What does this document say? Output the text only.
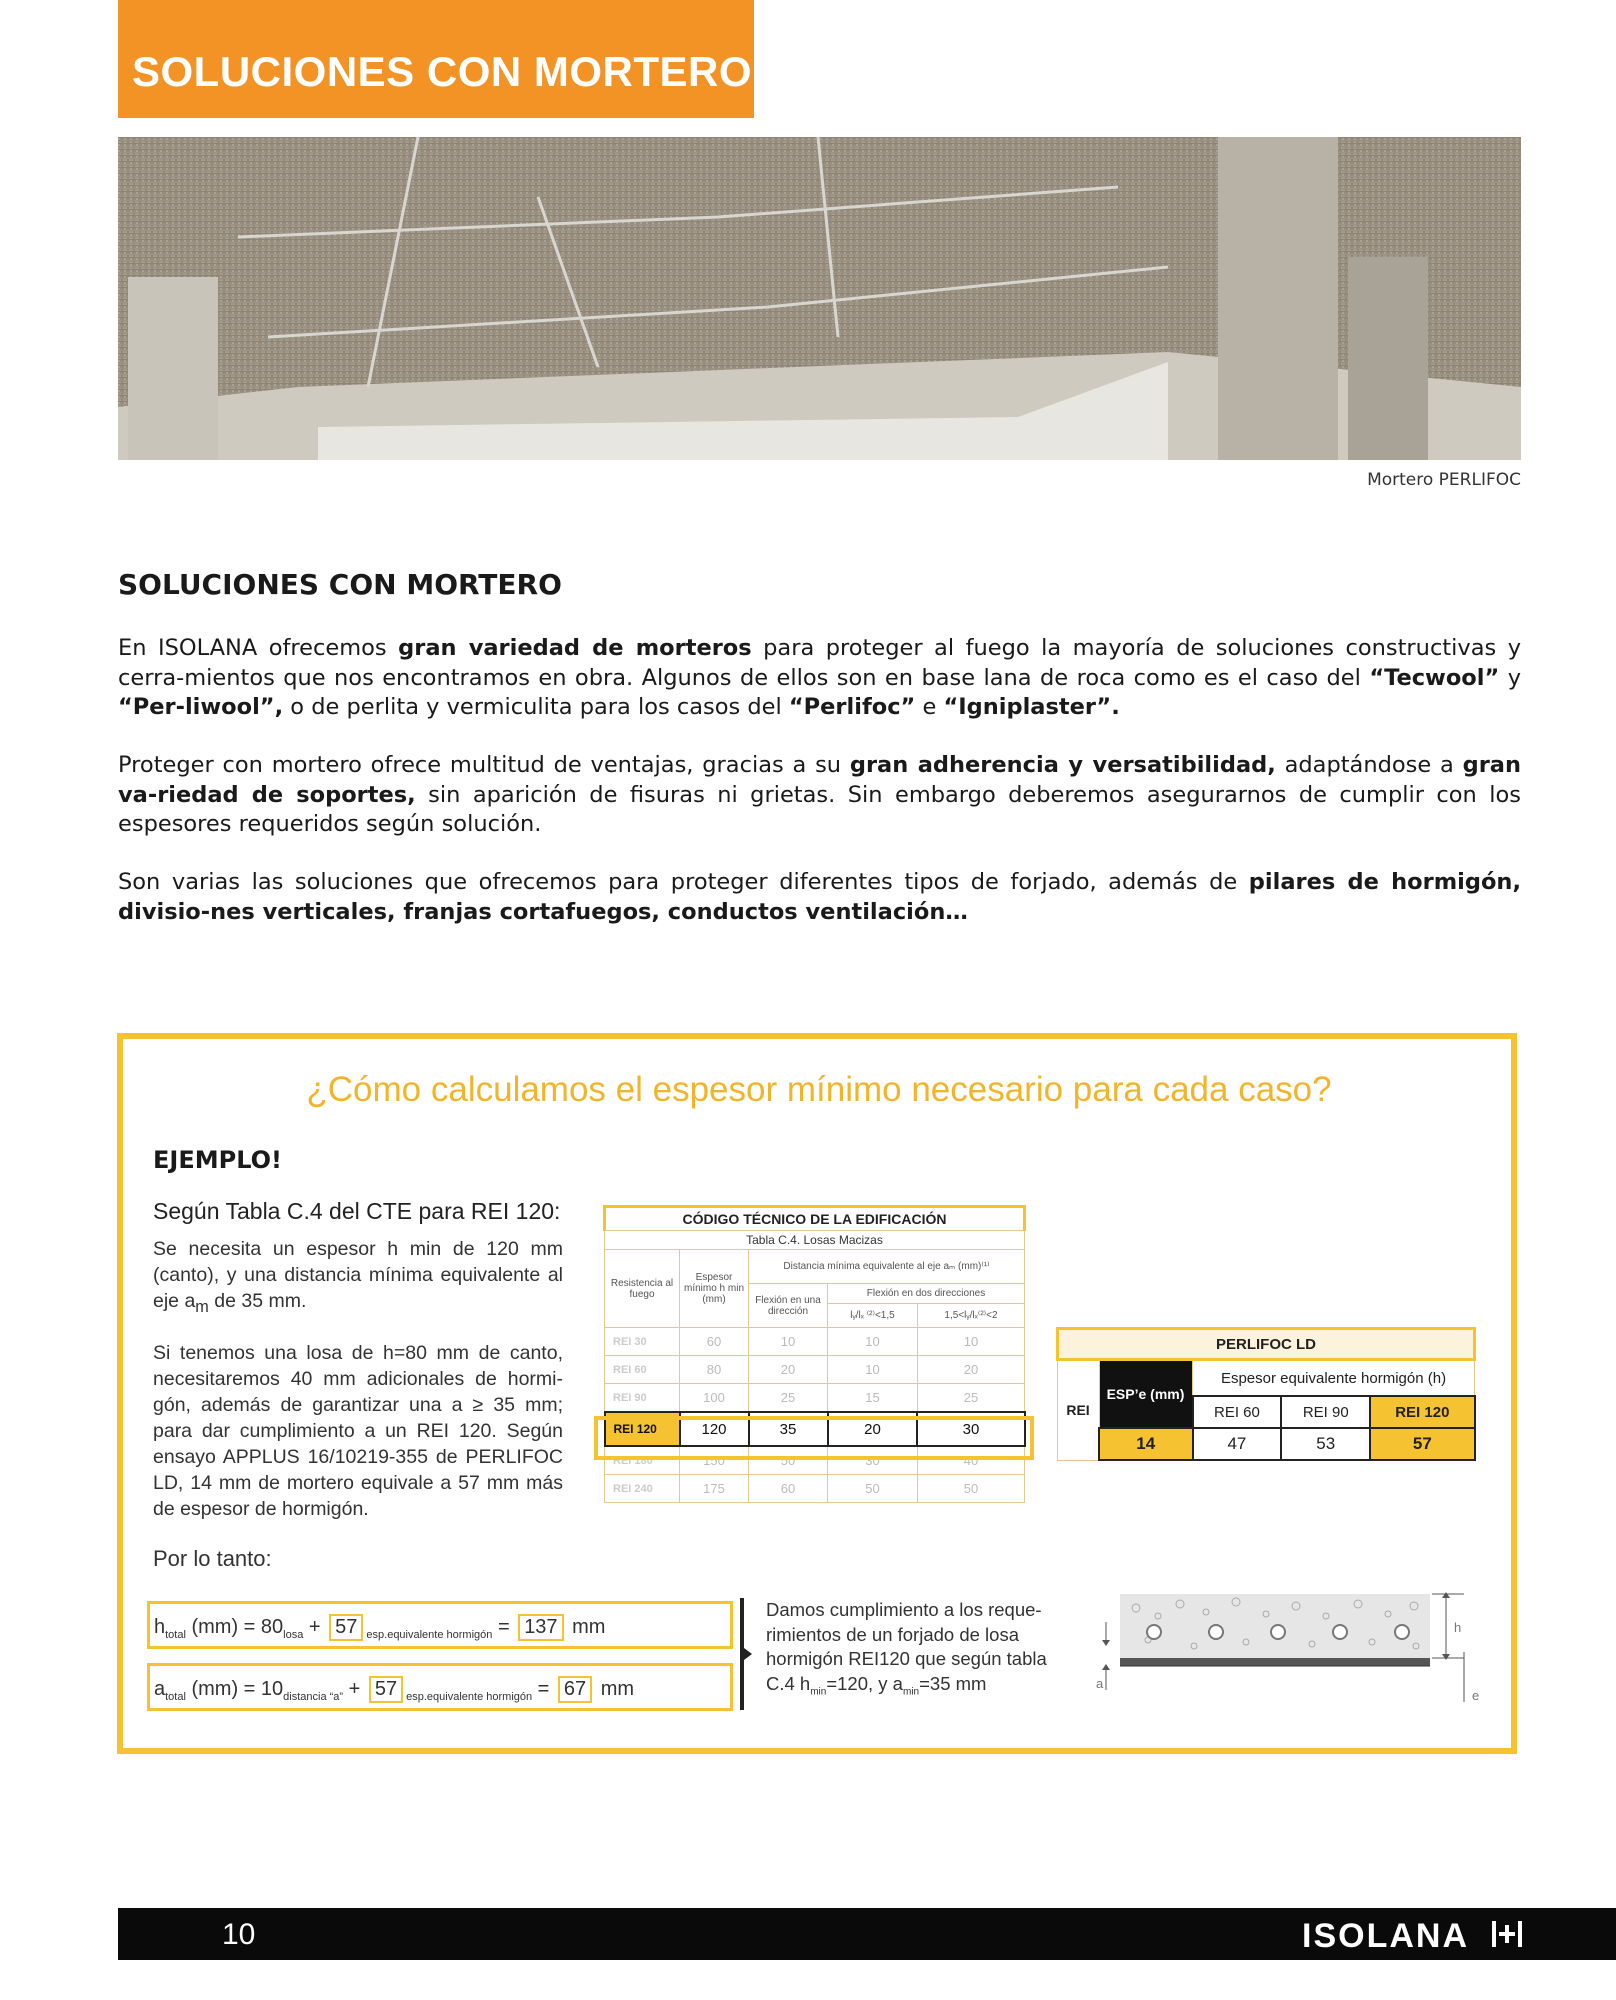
SOLUCIONES CON MORTERO
Mortero PERLIFOC
SOLUCIONES CON MORTERO
En ISOLANA ofrecemos gran variedad de morteros para proteger al fuego la mayoría de soluciones constructivas y cerra-mientos que nos encontramos en obra. Algunos de ellos son en base lana de roca como es el caso del “Tecwool” y “Per-liwool”, o de perlita y vermiculita para los casos del “Perlifoc” e “Igniplaster”.
Proteger con mortero ofrece multitud de ventajas, gracias a su gran adherencia y versatibilidad, adaptándose a gran va-riedad de soportes, sin aparición de fisuras ni grietas. Sin embargo deberemos asegurarnos de cumplir con los espesores requeridos según solución.
Son varias las soluciones que ofrecemos para proteger diferentes tipos de forjado, además de pilares de hormigón, divisio-nes verticales, franjas cortafuegos, conductos ventilación…
¿Cómo calculamos el espesor mínimo necesario para cada caso?
EJEMPLO!
Según Tabla C.4 del CTE para REI 120:
Se necesita un espesor h min de 120 mm (canto), y una distancia mínima equivalente al eje $a_m$ de 35 mm.
Si tenemos una losa de h=80 mm de canto, necesitaremos 40 mm adicionales de hormi-gón, además de garantizar una a ≥ 35 mm; para dar cumplimiento a un REI 120. Según ensayo APPLUS 16/10219-355 de PERLIFOC LD, 14 mm de mortero equivale a 57 mm más de espesor de hormigón.
Por lo tanto:
CÓDIGO TÉCNICO DE LA EDIFICACIÓN				
Tabla C.4. Losas Macizas				
Resistencia al fuego	Espesor mínimo h min (mm)	Distancia mínima equivalente al eje aₘ (mm)⁽¹⁾		
		Flexión en una dirección	Flexión en dos direcciones	
			lᵧ/lₓ ⁽²⁾<1,5	1,5<lᵧ/lₓ⁽²⁾<2
REI 30	60	10	10	10
REI 60	80	20	10	20
REI 90	100	25	15	25
REI 120	120	35	20	30
REI 180	150	50	30	40
REI 240	175	60	50	50
PERLIFOC LD				
REI	ESP’e (mm)	Espesor equivalente hormigón (h)		
		REI 60	REI 90	REI 120
	14	47	53	57
$h_{total}$ $(mm) = 80_{losa} + 57$ $_{esp.equivalente hormigón}$ = 137 mm
$a_{total}$ $(mm) = 10_{distancia “a”} + 57$ $_{esp.equivalente hormigón}$ = 67 mm
Damos cumplimiento a los reque-rimientos de un forjado de losa hormigón REI120 que según tabla C.4 $h_{min}=120$, y $a_{min}=35$ mm
h
a
e
10	ISOLANA
